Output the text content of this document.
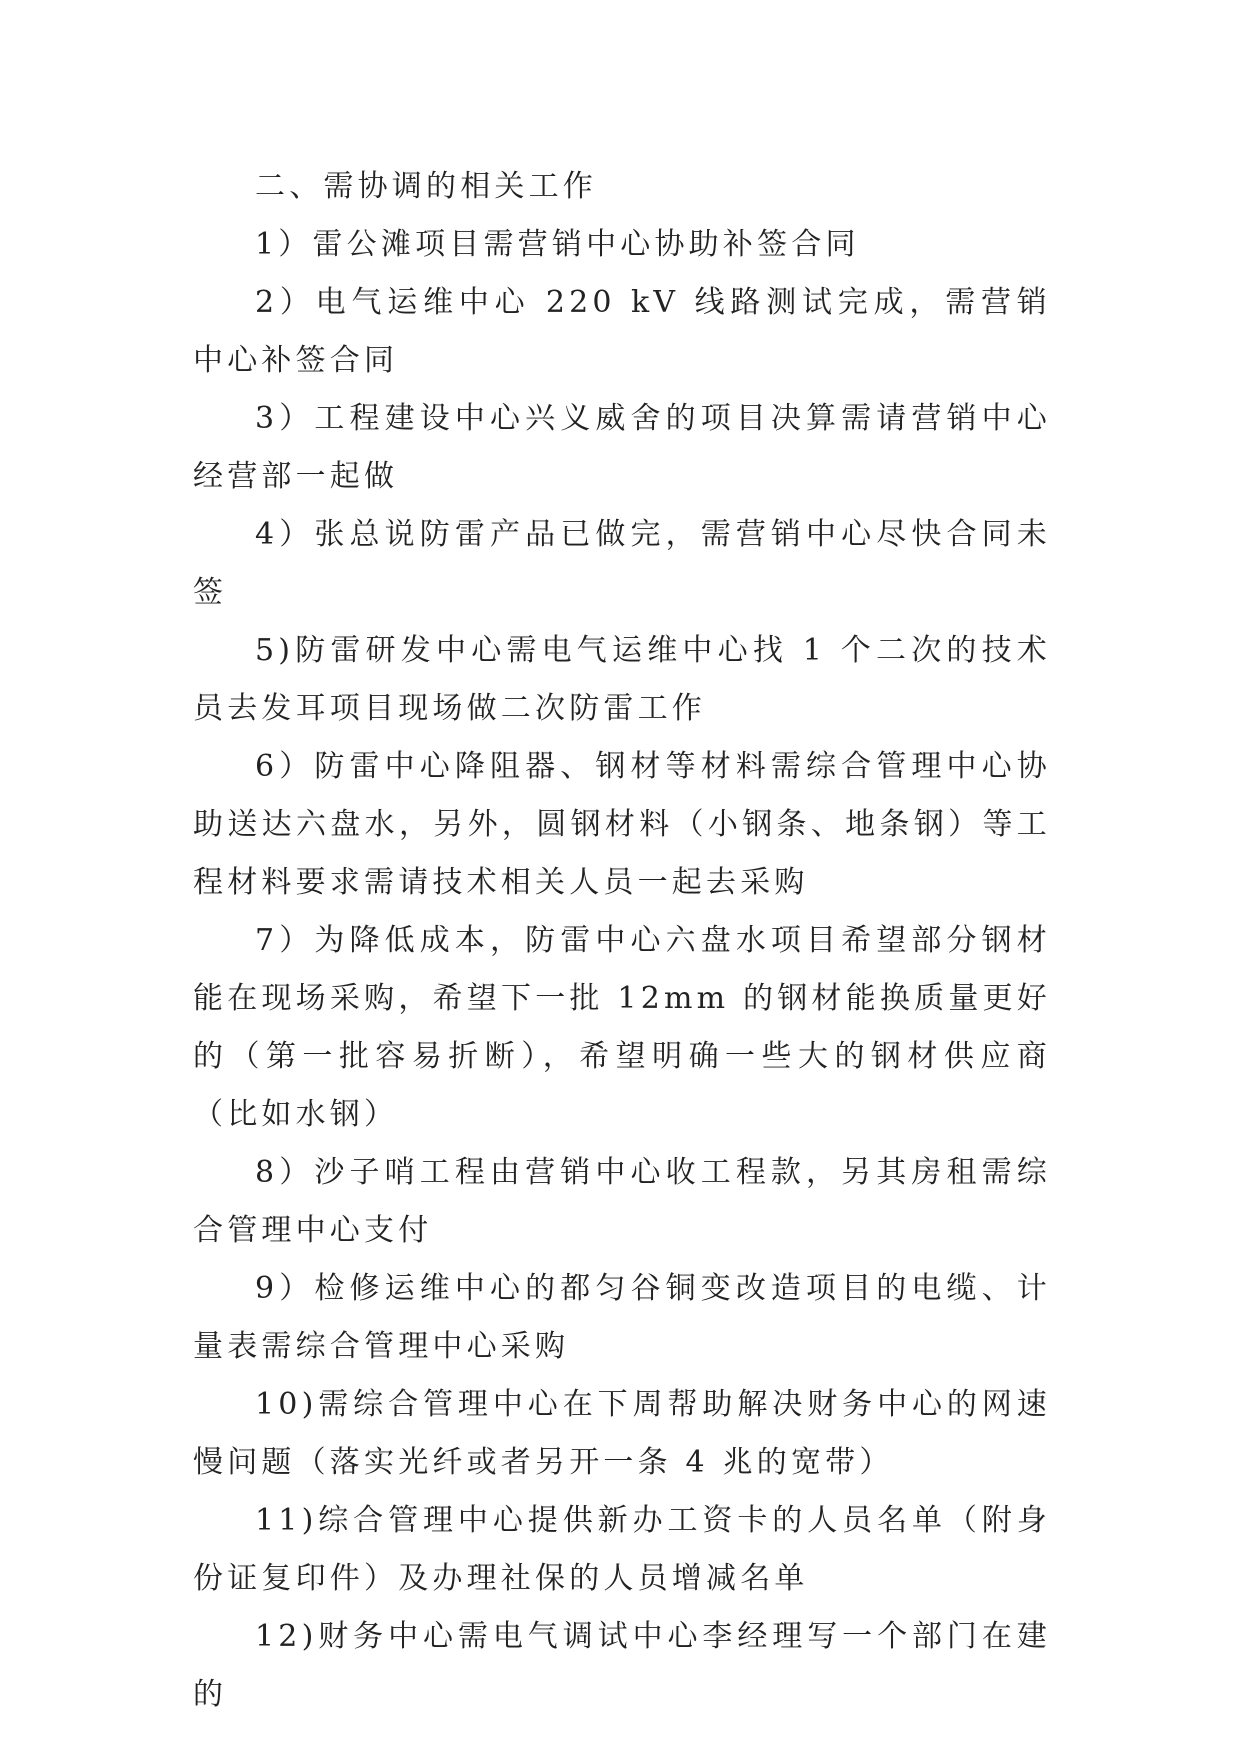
二、需协调的相关工作

1）雷公滩项目需营销中心协助补签合同

2）电气运维中心 220 kV 线路测试完成，需营销中心补签合同

3）工程建设中心兴义威舍的项目决算需请营销中心经营部一起做

4）张总说防雷产品已做完，需营销中心尽快合同未签

5)防雷研发中心需电气运维中心找 1 个二次的技术员去发耳项目现场做二次防雷工作

6）防雷中心降阻器、钢材等材料需综合管理中心协助送达六盘水，另外，圆钢材料（小钢条、地条钢）等工程材料要求需请技术相关人员一起去采购

7）为降低成本，防雷中心六盘水项目希望部分钢材能在现场采购，希望下一批 12mm 的钢材能换质量更好的（第一批容易折断），希望明确一些大的钢材供应商（比如水钢）

8）沙子哨工程由营销中心收工程款，另其房租需综合管理中心支付

9）检修运维中心的都匀谷铜变改造项目的电缆、计量表需综合管理中心采购

10)需综合管理中心在下周帮助解决财务中心的网速慢问题（落实光纤或者另开一条 4 兆的宽带）

11)综合管理中心提供新办工资卡的人员名单（附身份证复印件）及办理社保的人员增减名单

12)财务中心需电气调试中心李经理写一个部门在建的
